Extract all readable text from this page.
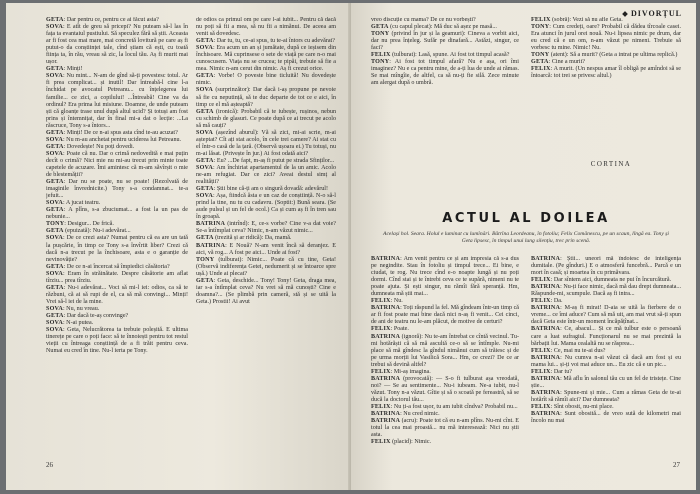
GETA: Dar pentru ce, pentru ce ai făcut asta?

SOVA: E atît de greu să pricepi? Nu puteam să-l las în fața ta evantaiul pustiului. Să speculez fără să știi. Aceasta ar fi fost cea mai mare, mai concretă lovitură pe care aș fi putut-o da conștiinței tale, cînd știam că ești, cu toată ființa ta, în rău, vreau să zic, la locul tău. Aș fi murit mai ușor.

GETA: Minți!

SOVA: Nu mint... N-am de gînd să-ți povestesc totul. Ar fi prea complicat... și inutil! Dar întreabă-l cine l-a închidat pe avocatul Petreanu... cu înțelegerea lui familie... ce zici, a copilului! ...Întreabă! Cine va da ordinul? Era prima lui misiune. Doamne, de unde puteam ști că gloanțe trase unul după altul ucid? Și totuși am fost prins și întemnițat, dar în final mi-a dat o lecție: ...La răscruce, Tony s-a întors...

GETA: Minți! De ce n-ai spus asta cînd te-au acuzat?

SOVA: Nu m-au anchetat pentru uciderea lui Petreanu.

GETA: Dovedește! Nu poți dovedi.

SOVA: Poate că nu. Dar o crimă nedovedită e mai puțin decît o crimă? Nici mie nu mi-au trecut prin minte toate capetele de acuzare. Îmi amintesc că m-am săvîrșit o mie de blestemății?

GETA: Dar nu se poate, nu se poate! (Rezolvată de imaginile învrednicite.) Tony s-a condamnat... te-a jefuit...

SOVA: A jucat teatru.

GETA: A plîns, s-a zbuciumat... a fost la un pas de nebunie...

TONY: Desigur... De frică.

GETA (epuizată): Nu-i adevărat...

SOVA: De ce crezi asta? Numai pentru că ea are un tată la pușcărie, în timp ce Tony s-a învîrtit liber? Crezi că dacă n-a trecut pe la închisoare, asta e o garanție de nevinovăție?

GETA: De ce n-ai încercat să împiedici căsătoria?

SOVA: Eram în străinătate. Despre căsătorie am aflat tîrziu... prea tîrziu.

GETA: Nu-i adevărat... Voci să mi-l iei: odios, ca să te răzbuni, că ai să rupi de el, ca să mă convingi... Minți! Vrei să-l iei de la mine.

SOVA: Nu, nu vreau.

GETA: Dar dacă te-aș convinge?

SOVA: N-ai putea.

SOVA: Geta, Nelucrătorea ta trebuie poleșită. E ultima tinerețe pe care o poți face: să te înnoiești pentru tot restul vieții cu întreaga conștiință de a fi trăit pentru ceva. Numai eu cred în tine. Nu-l ierta pe Tony.

de odios ca primul om pe care l-ai iubit... Pentru că dacă nu poți să fii a mea, să nu fii a nimănui. De aceea am venit să dovedesc.

GETA: Dar tu, tu, ce-ai spus, tu te-ai întors cu adevărat?

SOVA: Era acum un an și jumătate, după ce ieșisem din închisoare. Mă cuprinsese o sete de viață pe care n-o mai cunoscusem. Viața nu se crucea; te pipăi, trebuie să fie a mea. Nimic n-am cerut din nimic. Aș fi crezut orice.

GETA: Vorbe! O poveste bine ticluită! Nu dovedește nimic.

SOVA (surprinzător): Dar dacă i-aș propune pe nevoie să fie cu neputință, să te duc departe de tot ce e aici, în timp ce el mă așteaptă?

GETA (ironică): Probabil că te iubește, rușinos, nebun cu schimb de glasuri. Ce poate după ce ai trecut pe acolo să mă cauți?

SOVA (așezînd aburul): Vă să zici, mi-ai scrie, m-ai așteptat? Cît ați stat acolo, în cele trei camere? Ai stat cu el într-o casă de la țară. (Observă ușoara ei.) Tu totuși, nu m-ai lăsat. (Privește în jur.) Ai fost odată aici?

GETA: Eu? ...De fapt, m-aș fi putut pe strada Sfinților...

SOVA: Am închiriat apartamentul de la un amic. Acolo ne-am refugiat. Dar ce zici? Aveai destul simț al realității?

GETA: Știi bine că-ți am o singură dovadă: adevărul!

SOVA: Așa, fiindcă ăsta e un caz de conștiință. N-o să-l prind la tine, nu tu cu cadavru. (Soptit:) Bună seara. (Se aude pulsul și un fel de ocol.) Ca și cum aș fi în tren sau în groapă.

BATRINA (intrînd): E, ce-s vorbe? Cine v-a dat voie? Se-a întîmplat ceva? Nimic, n-am văzut nimic...

GETA (trezită și ar ridică): Da, mamă.

BATRINA: E Nouă? N-am venit încă să deranjez. E aici, vă rog... A fost pe aici... Unde ai fost?

TONY (tulburat): Nimic... Poate că cu tine, Geta! (Observă indiferența Getei, nedumerit și se întoarce spre ușă.) Unde ai plecat?

GETA: Geta, deschide... Tony! Tony! Geta, draga mea, iar s-a întîmplat ceva? Nu vrei să mă cunoști? Cine e doamna?... (Se plimbă prin cameră, stă și se uită la Geta.) Prostii! Ai avut

26
DIVORȚUL

vreo discuție cu mama? De ce nu vorbești?

GETA (cu capul plecat): Mă duc să așez pe masă...

TONY (privind în jur și la geamuri): Cineva a vorbit aici, dar nu prea înțeleg. Sufăr pe dinafară... Astăzi, singur, ce faci?

FELIX (tulburat): Lasă, spune. Ai fost tot timpul acasă?

TONY: Ai fost tot timpul afară? Nu e așa, ori îmi imaginez? Nu e ca pentru mine, de a-ți lua de unde ai rămas. Se mai mîngîie, de altfel, ca să nu-ți fie silă. Zece minute am alergat după o umbră.

FELIX (sobră): Vezi să nu afle Geta.

TONY: Cum credeți, oare? Probabil că dădea tîrcoale casei. Era atunci în jurul orei nouă. Nu-i lipsea nimic pe drum, dar eu cred că e un om, n-am văzut pe nimeni. Trebuie să vorbesc tu mine. Nimic! Nu.

TONY (atent): Să a murit? (Geta a intrat pe ultima replică.)

GETA: Cine a murit?

FELIX: A murit. (Un nespus amar îl obligă pe amîndoi să se întoarcă: tot trei se privesc altul.)

CORTINA
ACTUL AL DOILEA
Același hol. Seara. Holul e luminat cu lumînări. Bătrîna Leordeanu, în fotoliu; Felix Comănescu, pe un scaun, lîngă ea. Tony și Geta lipsesc, în timpul unui lung silențiu, trec prin scenă.

BATRINA: Am venit pentru ce și am impresia că s-a dus pe negindite. Stau în fotoliu și timpul trece... Ei bine, e ciudat, te rog. Nu trece cînd e-o noapte lungă și nu poți dormi. Cînd stai și te întrebi ceva ce te supără, nimeni nu te poate ajuta. Și ești singur, nu rămîi fără speranță. Hm, dumneata mă știi mai...

FELIX: Nu.

BATRINA: Toți răspund la fel. Mă gîndeam într-un timp că ar fi fost poate mai bine dacă nici n-aș fi venit... Cei cinci, de ani de teatru nu le-am plăcut, de motive de certuri?

FELIX: Poate.

BATRINA (ignoră): Nu te-am întrebat ce cîntă vecinul. Tu-mi hotărăști că să mă ascultă ce-o să se întîmple. Nu-mi place să mă gîndesc la gîndul nimănui cum să trăiesc și de pe urma morții lui Vasilică Sora... Hm, ce crezi? De ce ar trebui să devină altfel?

FELIX: Mi-aș imagina.

BATRINA (provocată): — S-o fi tulburat așa vreodată, noi? — Se au sentimente... Nu-i iubeam. Ne-a iubit, nu-l văzut. Tony n-a văzut. Gîtie și să o scoată pe fereastră, să se ducă la doctorul tău...

FELIX: Nu ți-a fost ușor, tu am iubit cîndva? Probabil nu...

BATRINA: Nu cred nimic.

BATRINA (acru): Poate tot că eu n-am plîns. Nu-mi cînt. E totul la cea mai proastă... nu mă interesează: Nici nu știi asta.

FELIX (placid): Nimic.

BATRINA: Știi... uneori mă îndoiesc de inteligența dumitale. (Pe gînduri.) E o atmosferă funcebră... Parcă e un mort în casă; și moartea în cu primăvara.

FELIX: Dar sîntem aici, dumneata ne pui în încurcătură.

BATRINA: Nu-ți face nimic, dacă mă dau drept dumneata... Răspunde-mi, scumpule. Dacă aș fi intra...

FELIX: Da.

BATRINA: M-aș fi mirat! D-aia se uită la fierbere de o vreme... ce îmi aduce? Cum să mă uit, am mai vrut să-ți spun dacă Geta este într-un moment încăpățînat...

BATRINA: Ce, abacul... Și ce mă tulbur este o persoană care a luat sufragiul. Funcționarul nu se mai prezintă la bărbații lui. Mama cealaltă nu se răsprea...

FELIX: Ce, mai nu te-ai dus?

BATRINA: Nu cumva n-ai văzut că dacă am fost și eu mama lui... și-ți voi mai aduce un... Eu zic că e un pic...

FELIX: Dar tu?

BATRINA: Mă aflu în salonul tău cu un fel de tristețe. Cine știe...

BATRINA: Spune-mi și mie... Cum a rămas Geta de te-ai hotărît să rămîi aici? Dar dumneata?

FELIX: Sînt obosit, nu-mi place.

BATRINA: Sunt obosită... de vreo sută de kilometri mai încolo nu mai

27
